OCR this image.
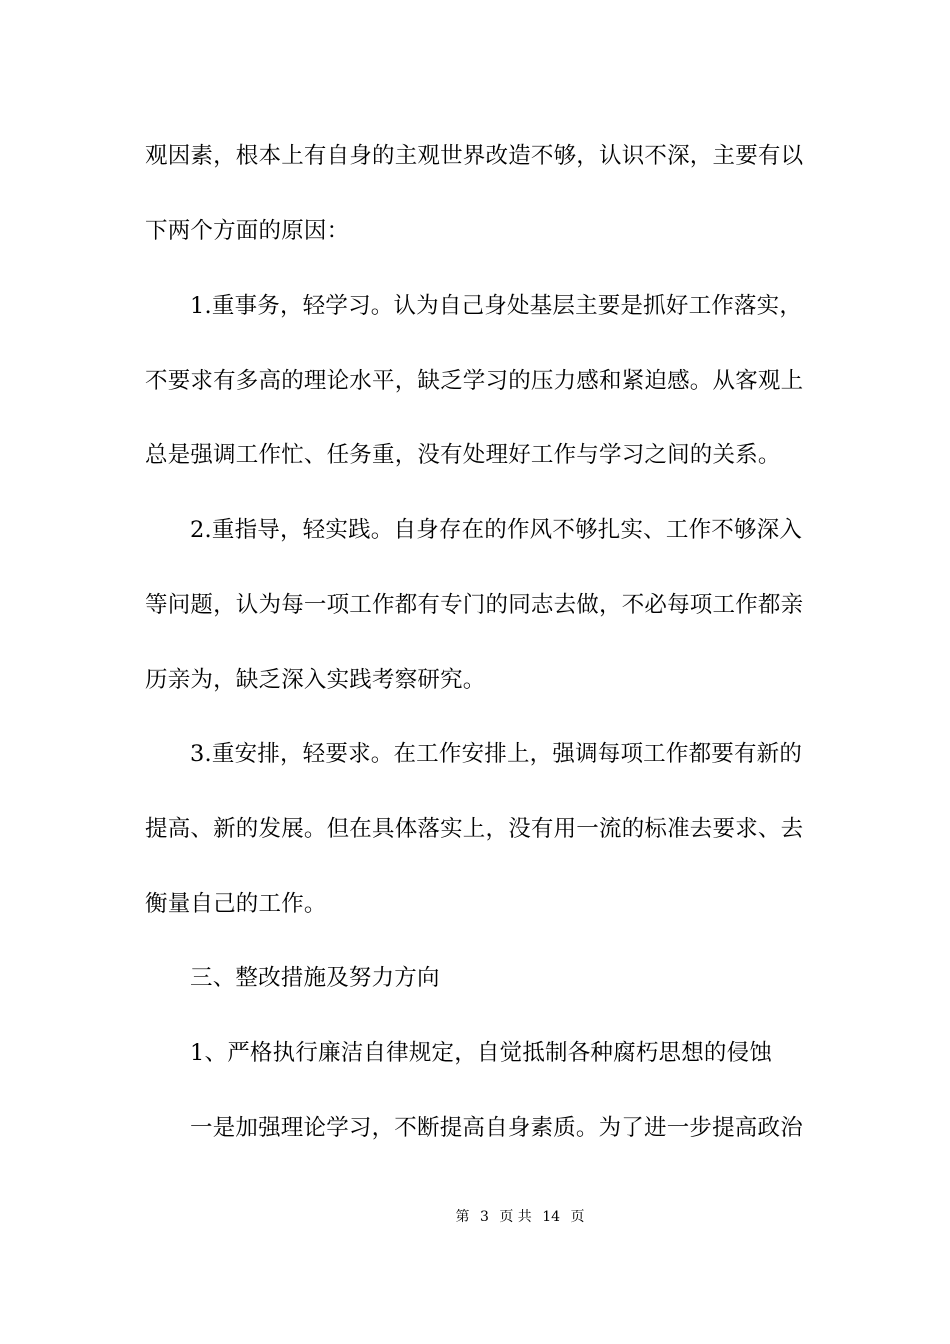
观因素，根本上有自身的主观世界改造不够，认识不深，主要有以
下两个方面的原因：
1.重事务，轻学习。认为自己身处基层主要是抓好工作落实，
不要求有多高的理论水平，缺乏学习的压力感和紧迫感。从客观上
总是强调工作忙、任务重，没有处理好工作与学习之间的关系。
2.重指导，轻实践。自身存在的作风不够扎实、工作不够深入
等问题，认为每一项工作都有专门的同志去做，不必每项工作都亲
历亲为，缺乏深入实践考察研究。
3.重安排，轻要求。在工作安排上，强调每项工作都要有新的
提高、新的发展。但在具体落实上，没有用一流的标准去要求、去
衡量自己的工作。
三、整改措施及努力方向
1、严格执行廉洁自律规定，自觉抵制各种腐朽思想的侵蚀
一是加强理论学习，不断提高自身素质。为了进一步提高政治
第 3 页 共 14 页
